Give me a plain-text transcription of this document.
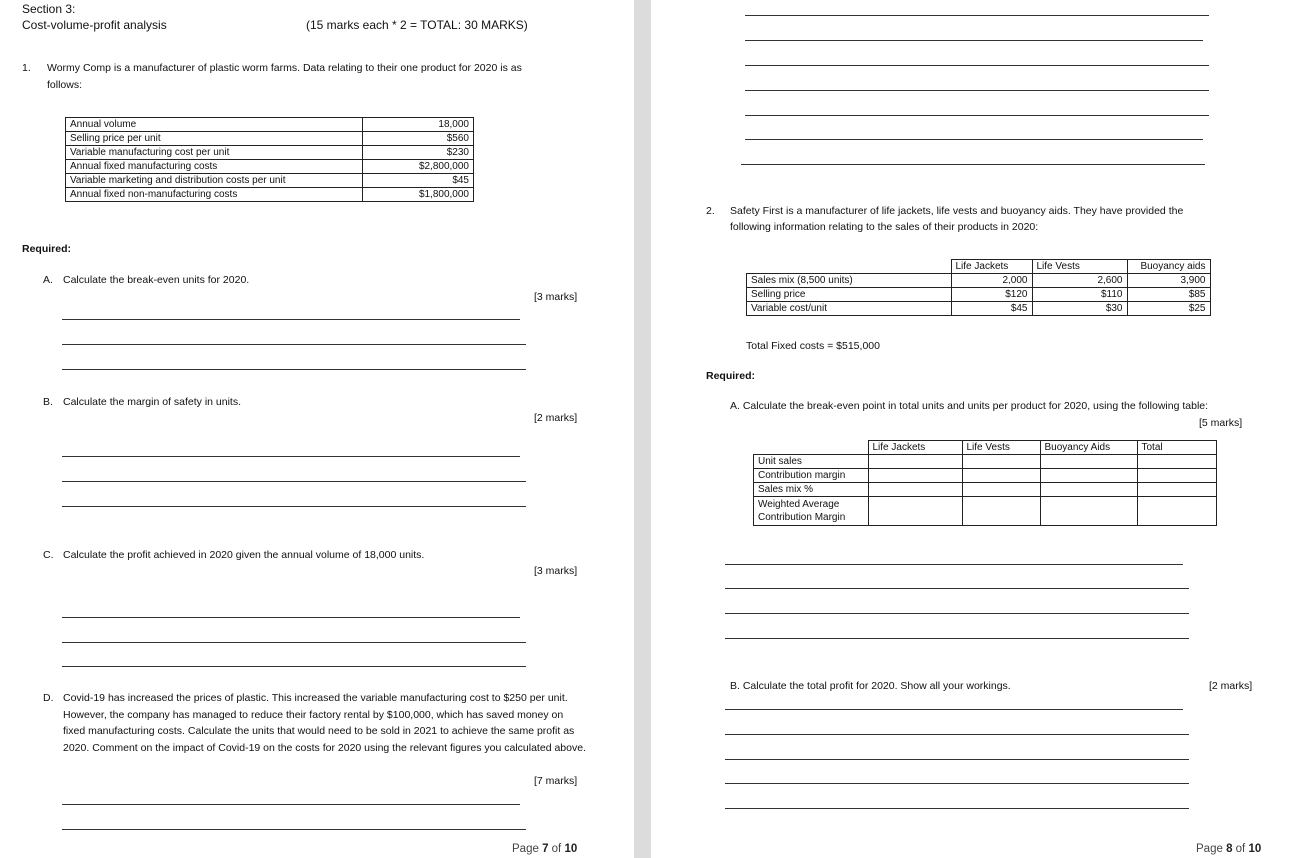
Section 3:
Cost-volume-profit analysis	(15 marks each * 2 = TOTAL: 30 MARKS)
1. Wormy Comp is a manufacturer of plastic worm farms. Data relating to their one product for 2020 is as
follows:
Annual volume	18,000
Selling price per unit	$560
Variable manufacturing cost per unit	$230
Annual fixed manufacturing costs	$2,800,000
Variable marketing and distribution costs per unit	$45
Annual fixed non-manufacturing costs	$1,800,000
Required:
A. Calculate the break-even units for 2020.
[3 marks]
B. Calculate the margin of safety in units.
[2 marks]
C. Calculate the profit achieved in 2020 given the annual volume of 18,000 units.
[3 marks]
D. Covid-19 has increased the prices of plastic. This increased the variable manufacturing cost to $250 per unit. However, the company has managed to reduce their factory rental by $100,000, which has saved money on fixed manufacturing costs. Calculate the units that would need to be sold in 2021 to achieve the same profit as 2020. Comment on the impact of Covid-19 on the costs for 2020 using the relevant figures you calculated above.
[7 marks]
Page 7 of 10
2. Safety First is a manufacturer of life jackets, life vests and buoyancy aids. They have provided the
following information relating to the sales of their products in 2020:
	Life Jackets	Life Vests	Buoyancy aids
Sales mix (8,500 units)	2,000	2,600	3,900
Selling price	$120	$110	$85
Variable cost/unit	$45	$30	$25
Total Fixed costs = $515,000
Required:
A. Calculate the break-even point in total units and units per product for 2020, using the following table:
[5 marks]
	Life Jackets	Life Vests	Buoyancy Aids	Total
Unit sales				
Contribution margin				
Sales mix %				

Weighted Average
Contribution Margin				

B. Calculate the total profit for 2020. Show all your workings.	[2 marks]
Page 8 of 10
